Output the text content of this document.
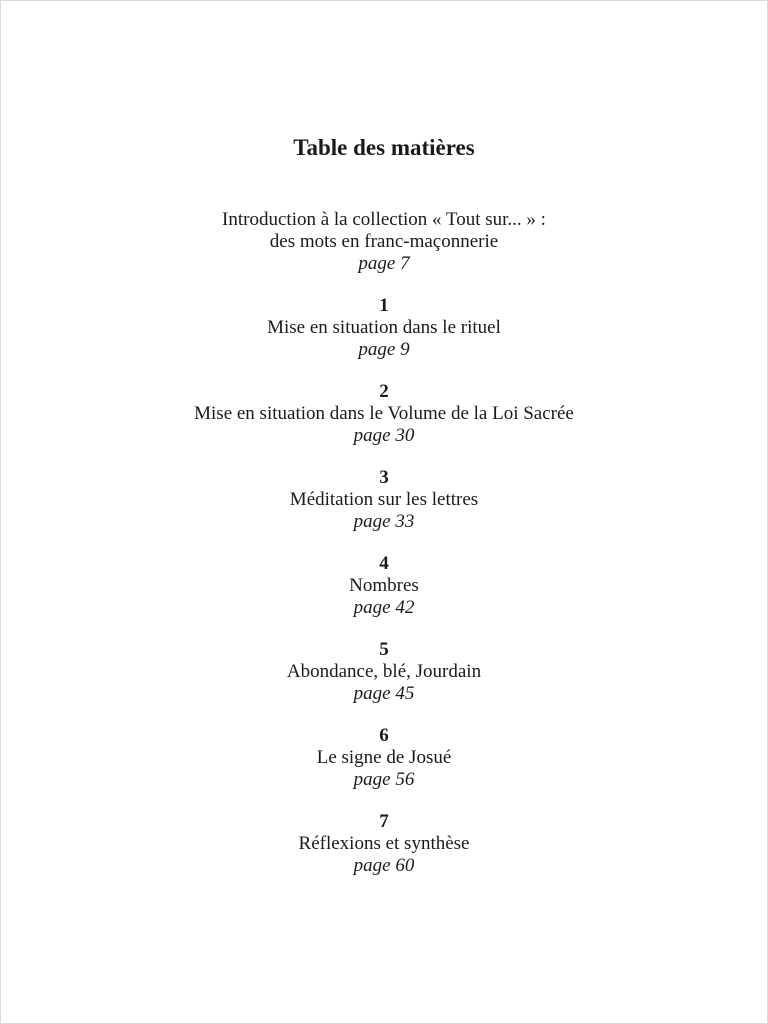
Table des matières
Introduction à la collection « Tout sur... » :
des mots en franc-maçonnerie
page 7
1
Mise en situation dans le rituel
page 9
2
Mise en situation dans le Volume de la Loi Sacrée
page 30
3
Méditation sur les lettres
page 33
4
Nombres
page 42
5
Abondance, blé, Jourdain
page 45
6
Le signe de Josué
page 56
7
Réflexions et synthèse
page 60
